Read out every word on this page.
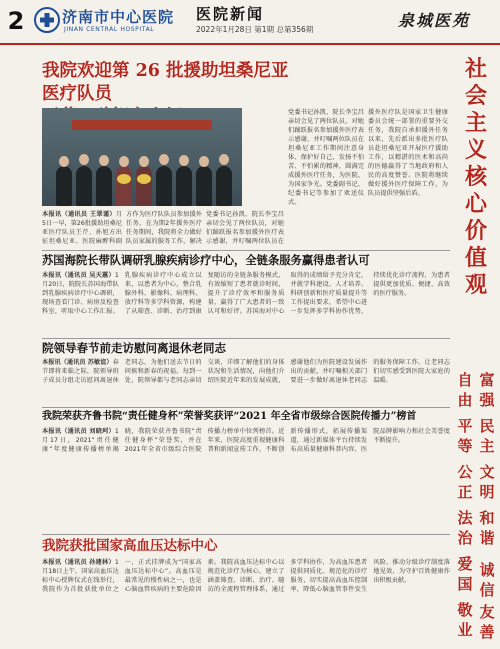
2	济南市中心医院
JINAN CENTRAL HOSPITAL
医院新闻
2022年1月28日 第1期 总第356期	泉城医苑
我院欢迎第 26 批援助坦桑尼亚医疗队员

本报讯（通讯员 王翠谨）月5日一早，第26批援助坦桑尼亚医疗队员王芹、孙旭方出征坦桑尼亚。医院麻醉科副
方作为医疗队队员参加援外任务，在为期2年援外医疗任务期间，我院将全力做好队员家属的服务工作，解决
党委书记孙凯、院长李宝昌亲切会见了两位队员，对她们踊跃报名参加援外医疗表示感谢，并叮嘱两位队员在
党委书记孙凯、院长李宝昌亲切会见了两位队员，对她们踊跃报名参加援外医疗表示感谢，并叮嘱两位队员在坦桑尼亚工作期间注意身体、保护好自己，发扬不怕苦、不怕累的精神，圆满完成援外医疗任务，为医院、为国家争光。党委副书记、纪委书记等参加了欢送仪式。
援外医疗队是国家卫生健康委员会统一部署的重要外交任务，我院自承担援外任务以来，先后派出多批医疗队员赴坦桑尼亚开展医疗援助工作，以精湛的医术和高尚的医德赢得了当地政府和人民的高度赞誉。医院将继续做好援外医疗保障工作，为队员提供坚强后盾。
苏国海院长带队调研乳腺疾病诊疗中心，全链条服务赢得患者认可
本报讯（通讯员 吴天蕙）1月20日，院院长苏国海带队到乳腺疾病诊疗中心调研，现场查看门诊、病房及检查科室，听取中心工作汇报。乳腺疾病诊疗中心成立以来，以患者为中心，整合乳腺外科、影像科、病理科、放疗科等多学科资源，构建了从筛查、诊断、治疗到康复随访的全链条服务模式，有效缩短了患者就诊时间，提升了诊疗效率和服务质量，赢得了广大患者的一致认可和好评。苏国海对中心取得的成绩给予充分肯定，并就学科建设、人才培养、科研创新和医疗质量提升等工作提出要求，希望中心进一步发挥多学科协作优势，持续优化诊疗流程，为患者提供更加优质、便捷、高效的医疗服务。
院领导春节前走访慰问离退休老同志
本报讯（通讯员 苏敏谊）春节即将来临之际，院领导班子成员分组走访慰问离退休老同志，为他们送去节日的问候和新春的祝福。每到一处，院领导都与老同志亲切交谈，详细了解他们的身体状况和生活情况，向他们介绍医院近年来的发展成就，感谢他们为医院建设发展作出的贡献，并叮嘱相关部门要进一步做好离退休老同志的服务保障工作，让老同志们切实感受到医院大家庭的温暖。
我院荣获齐鲁书院“责任健身杯”荣誉奖获评“2021 年全省市级综合医院传播力”榜首
本报讯（通讯员 刘晓珂）1月17日，2021“责任健康”年度健康传播榜单揭晓，我院荣获齐鲁书院“责任健身杯”荣誉奖，并在2021年全省市级综合医院传播力榜单中位列榜首。近年来，医院高度重视健康科普和新闻宣传工作，不断创新传播形式，拓展传播渠道，通过新媒体平台持续发布高质量健康科普内容，医院品牌影响力和社会美誉度不断提升。
我院获批国家高血压达标中心
本报讯（通讯员 孙建林）1月18日上午，国家高血压达标中心授牌仪式在线举行，我院作为首批获批单位之一，正式挂牌成为“国家高血压达标中心”。高血压是最常见的慢性病之一，也是心脑血管疾病的主要危险因素。我院高血压达标中心以规范化诊疗为核心，建立了涵盖筛查、诊断、治疗、随访的全流程管理体系，通过多学科协作，为高血压患者提供同质化、规范化的诊疗服务，切实提高高血压控制率，降低心脑血管事件发生风险，推动分级诊疗制度落地见效，为守护百姓健康作出积极贡献。
社会主义核心价值观
富强
民主
文明
和谐
自由
平等
公正
法治
爱国
敬业
诚信
友善
